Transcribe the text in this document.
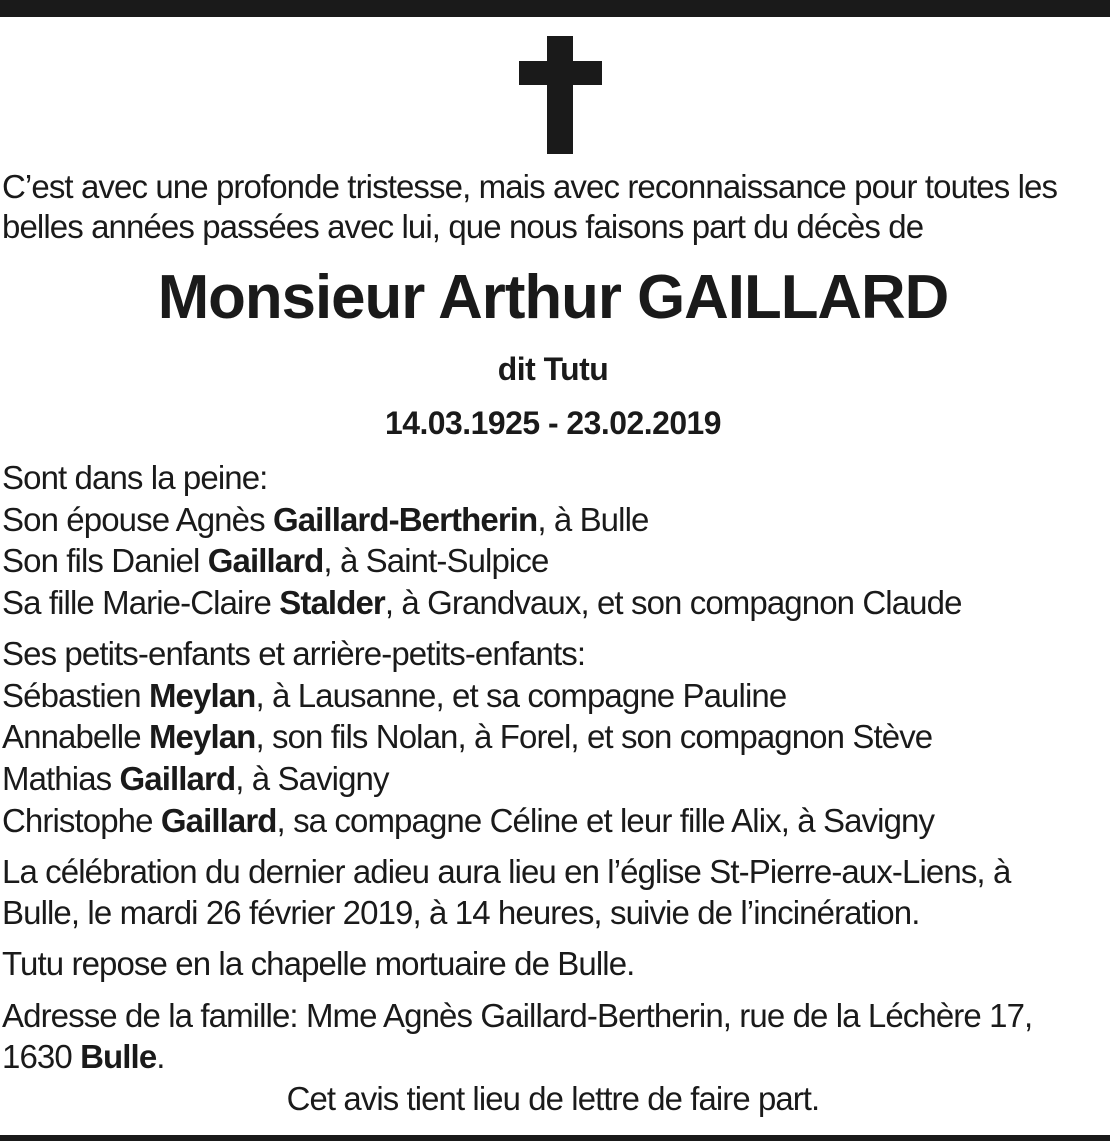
C’est avec une profonde tristesse, mais avec reconnaissance pour toutes les
belles années passées avec lui, que nous faisons part du décès de
Monsieur Arthur GAILLARD
dit Tutu
14.03.1925 - 23.02.2019
Sont dans la peine:
Son épouse Agnès Gaillard-Bertherin, à Bulle
Son fils Daniel Gaillard, à Saint-Sulpice
Sa fille Marie-Claire Stalder, à Grandvaux, et son compagnon Claude
Ses petits-enfants et arrière-petits-enfants:
Sébastien Meylan, à Lausanne, et sa compagne Pauline
Annabelle Meylan, son fils Nolan, à Forel, et son compagnon Stève
Mathias Gaillard, à Savigny
Christophe Gaillard, sa compagne Céline et leur fille Alix, à Savigny
La célébration du dernier adieu aura lieu en l’église St-Pierre-aux-Liens, à
Bulle, le mardi 26 février 2019, à 14 heures, suivie de l’incinération.
Tutu repose en la chapelle mortuaire de Bulle.
Adresse de la famille: Mme Agnès Gaillard-Bertherin, rue de la Léchère 17,
1630 Bulle.
Cet avis tient lieu de lettre de faire part.
